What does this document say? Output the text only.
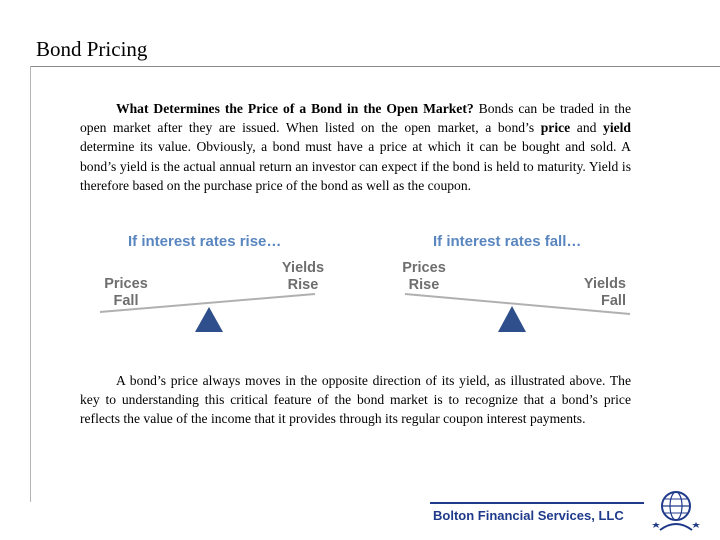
Bond Pricing
What Determines the Price of a Bond in the Open Market? Bonds can be traded in the open market after they are issued. When listed on the open market, a bond’s price and yield determine its value. Obviously, a bond must have a price at which it can be bought and sold. A bond’s yield is the actual annual return an investor can expect if the bond is held to maturity. Yield is therefore based on the purchase price of the bond as well as the coupon.
If interest rates rise…
Prices
Fall
Yields
Rise
If interest rates fall…
Prices
Rise	Yields
Fall
A bond’s price always moves in the opposite direction of its yield, as illustrated above. The key to understanding this critical feature of the bond market is to recognize that a bond’s price reflects the value of the income that it provides through its regular coupon interest payments.
Bolton Financial Services, LLC
